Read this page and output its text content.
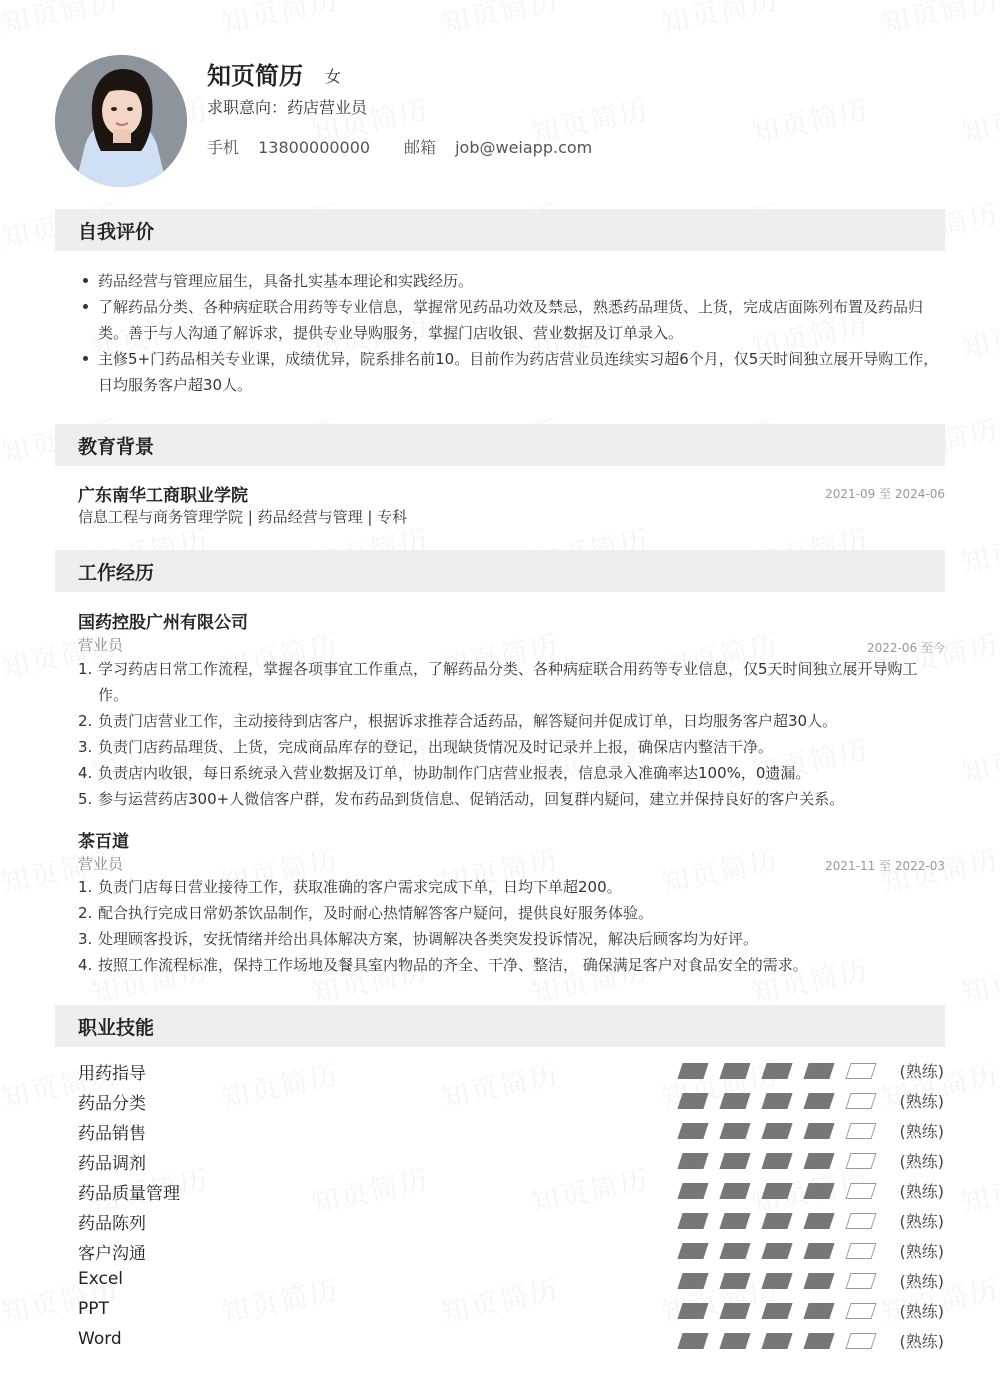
知页简历 女
求职意向：药店营业员
手机 13800000000 邮箱 job@weiapp.com
自我评价
药品经营与管理应届生，具备扎实基本理论和实践经历。
了解药品分类、各种病症联合用药等专业信息，掌握常见药品功效及禁忌，熟悉药品理货、上货，完成店面陈列布置及药品归类。善于与人沟通了解诉求，提供专业导购服务，掌握门店收银、营业数据及订单录入。
主修5+门药品相关专业课，成绩优异，院系排名前10。目前作为药店营业员连续实习超6个月，仅5天时间独立展开导购工作，日均服务客户超30人。
教育背景
广东南华工商职业学院	2021-09 至 2024-06
信息工程与商务管理学院 | 药品经营与管理 | 专科
工作经历
国药控股广州有限公司
营业员	2022-06 至今
1. 学习药店日常工作流程，掌握各项事宜工作重点，了解药品分类、各种病症联合用药等专业信息，仅5天时间独立展开导购工作。
2. 负责门店营业工作，主动接待到店客户，根据诉求推荐合适药品，解答疑问并促成订单，日均服务客户超30人。
3. 负责门店药品理货、上货，完成商品库存的登记，出现缺货情况及时记录并上报，确保店内整洁干净。
4. 负责店内收银，每日系统录入营业数据及订单，协助制作门店营业报表，信息录入准确率达100%，0遗漏。
5. 参与运营药店300+人微信客户群，发布药品到货信息、促销活动，回复群内疑问，建立并保持良好的客户关系。
茶百道
营业员	2021-11 至 2022-03
1. 负责门店每日营业接待工作，获取准确的客户需求完成下单，日均下单超200。
2. 配合执行完成日常奶茶饮品制作，及时耐心热情解答客户疑问，提供良好服务体验。
3. 处理顾客投诉，安抚情绪并给出具体解决方案，协调解决各类突发投诉情况，解决后顾客均为好评。
4. 按照工作流程标准，保持工作场地及餐具室内物品的齐全、干净、整洁， 确保满足客户对食品安全的需求。
职业技能
用药指导	(熟练)
药品分类	(熟练)
药品销售	(熟练)
药品调剂	(熟练)
药品质量管理	(熟练)
药品陈列	(熟练)
客户沟通	(熟练)
Excel	(熟练)
PPT	(熟练)
Word	(熟练)
